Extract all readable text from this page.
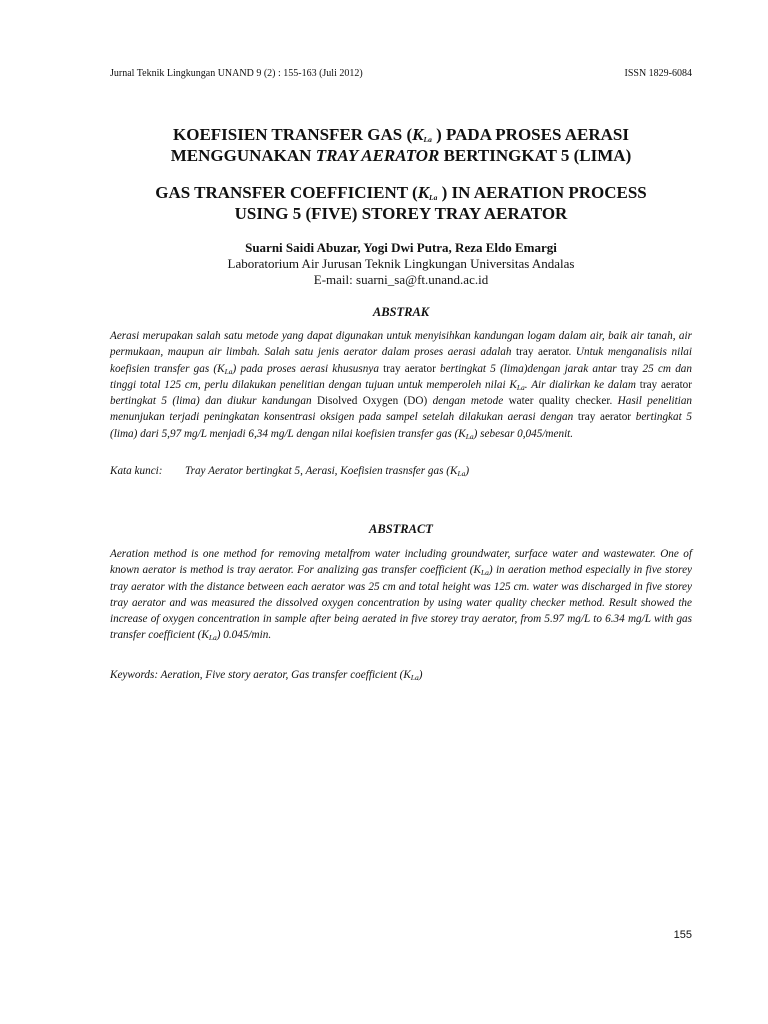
Jurnal Teknik Lingkungan UNAND 9 (2) : 155-163 (Juli 2012)	ISSN 1829-6084
KOEFISIEN TRANSFER GAS ($K_{La}$ ) PADA PROSES AERASI
MENGGUNAKAN TRAY AERATOR BERTINGKAT 5 (LIMA)
GAS TRANSFER COEFFICIENT ($K_{La}$ ) IN AERATION PROCESS
USING 5 (FIVE) STOREY TRAY AERATOR
Suarni Saidi Abuzar, Yogi Dwi Putra, Reza Eldo Emargi
Laboratorium Air Jurusan Teknik Lingkungan Universitas Andalas
E-mail: suarni_sa@ft.unand.ac.id
ABSTRAK
Aerasi merupakan salah satu metode yang dapat digunakan untuk menyisihkan kandungan logam dalam air, baik air tanah, air permukaan, maupun air limbah. Salah satu jenis aerator dalam proses aerasi adalah tray aerator. Untuk menganalisis nilai koefisien transfer gas $(K_{La})$ pada proses aerasi khususnya tray aerator bertingkat 5 (lima)dengan jarak antar tray 25 cm dan tinggi total 125 cm, perlu dilakukan penelitian dengan tujuan untuk memperoleh nilai $K_{La}$. Air dialirkan ke dalam tray aerator bertingkat 5 (lima) dan diukur kandungan Disolved Oxygen (DO) dengan metode water quality checker. Hasil penelitian menunjukan terjadi peningkatan konsentrasi oksigen pada sampel setelah dilakukan aerasi dengan tray aerator bertingkat 5 (lima) dari 5,97 mg/L menjadi 6,34 mg/L dengan nilai koefisien transfer gas $(K_{La})$ sebesar 0,045/menit.
Kata kunci: Tray Aerator bertingkat 5, Aerasi, Koefisien trasnsfer gas $(K_{La})$
ABSTRACT
Aeration method is one method for removing metalfrom water including groundwater, surface water and wastewater. One of known aerator is method is tray aerator. For analizing gas transfer coefficient $(K_{La})$ in aeration method especially in five storey tray aerator with the distance between each aerator was 25 cm and total height was 125 cm. water was discharged in five storey tray aerator and was measured the dissolved oxygen concentration by using water quality checker method. Result showed the increase of oxygen concentration in sample after being aerated in five storey tray aerator, from 5.97 mg/L to 6.34 mg/L with gas transfer coefficient $(K_{La})$ 0.045/min.
Keywords: Aeration, Five story aerator, Gas transfer coefficient $(K_{La})$
155
